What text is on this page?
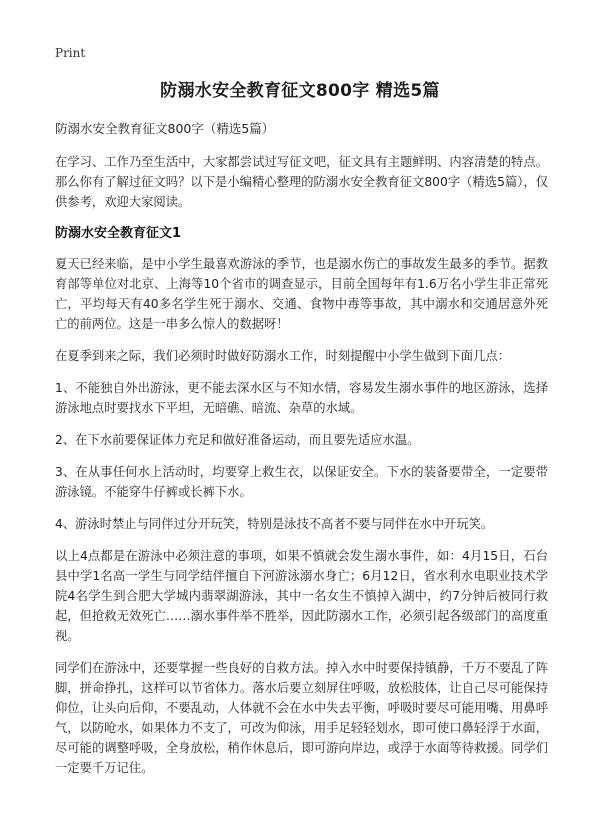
Print
防溺水安全教育征文800字 精选5篇
防溺水安全教育征文800字（精选5篇）

在学习、工作乃至生活中，大家都尝试过写征文吧，征文具有主题鲜明、内容清楚的特点。那么你有了解过征文吗？以下是小编精心整理的防溺水安全教育征文800字（精选5篇），仅供参考，欢迎大家阅读。

防溺水安全教育征文1

夏天已经来临，是中小学生最喜欢游泳的季节，也是溺水伤亡的事故发生最多的季节。据教育部等单位对北京、上海等10个省市的调查显示，目前全国每年有1.6万名小学生非正常死亡，平均每天有40多名学生死于溺水、交通、食物中毒等事故，其中溺水和交通居意外死亡的前两位。这是一串多么惊人的数据呀！

在夏季到来之际，我们必须时时做好防溺水工作，时刻提醒中小学生做到下面几点：

1、不能独自外出游泳，更不能去深水区与不知水情，容易发生溺水事件的地区游泳，选择游泳地点时要找水下平坦，无暗礁、暗流、杂草的水域。

2、在下水前要保证体力充足和做好准备运动，而且要先适应水温。

3、在从事任何水上活动时，均要穿上救生衣，以保证安全。下水的装备要带全，一定要带游泳镜。不能穿牛仔裤或长裤下水。

4、游泳时禁止与同伴过分开玩笑，特别是泳技不高者不要与同伴在水中开玩笑。

以上4点都是在游泳中必须注意的事项，如果不慎就会发生溺水事件，如：4月15日，石台县中学1名高一学生与同学结伴擅自下河游泳溺水身亡；6月12日，省水利水电职业技术学院4名学生到合肥大学城内翡翠湖游泳，其中一名女生不慎掉入湖中，约7分钟后被同行救起，但抢救无效死亡……溺水事件举不胜举，因此防溺水工作，必须引起各级部门的高度重视。

同学们在游泳中，还要掌握一些良好的自救方法。掉入水中时要保持镇静，千万不要乱了阵脚，拼命挣扎，这样可以节省体力。落水后要立刻屏住呼吸，放松肢体，让自己尽可能保持仰位，让头向后仰，不要乱动，人体就不会在水中失去平衡，呼吸时要尽可能用嘴、用鼻呼气，以防呛水，如果体力不支了，可改为仰泳，用手足轻轻划水，即可使口鼻轻浮于水面，尽可能的调整呼吸，全身放松，稍作休息后，即可游向岸边，或浮于水面等待救援。同学们一定要千万记住。
